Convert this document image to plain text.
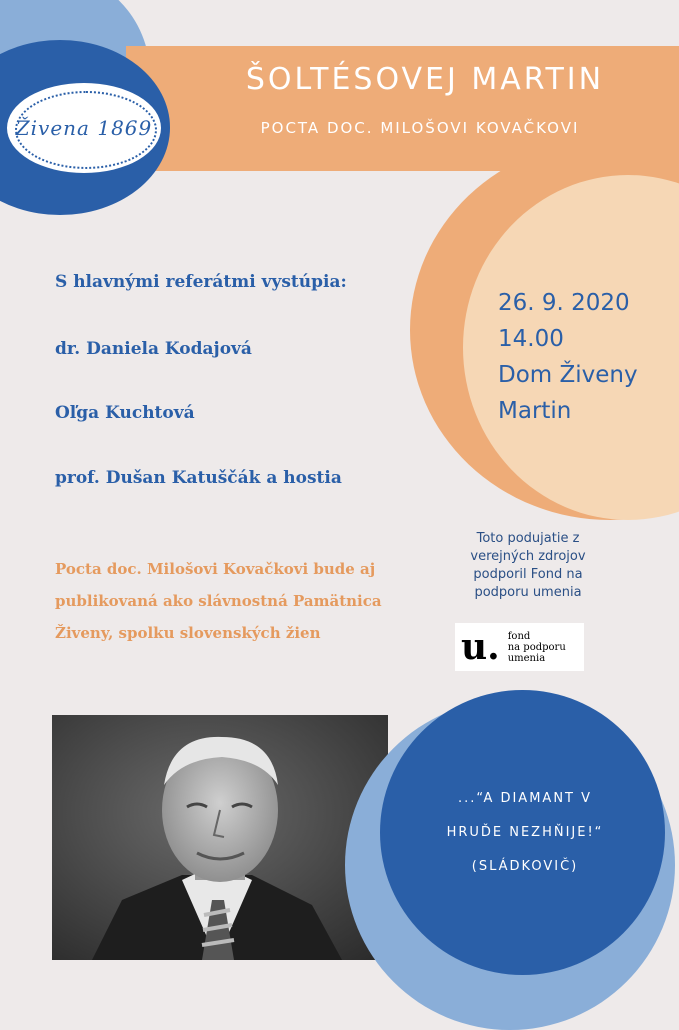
Živena 1869
ŠOLTÉSOVEJ MARTIN
POCTA DOC. MILOŠOVI KOVAČKOVI
26. 9. 2020
14.00
Dom Živeny
Martin
S hlavnými referátmi vystúpia:
dr. Daniela Kodajová
Oľga Kuchtová
prof. Dušan Katuščák a hostia
Pocta doc. Milošovi Kovačkovi bude aj
publikovaná ako slávnostná Pamätnica
Živeny, spolku slovenských žien
Toto podujatie z
verejných zdrojov
podporil Fond na
podporu umenia
u. fond
na podporu
umenia
...“A DIAMANT V
HRUĎE NEZHŇIJE!“
(SLÁDKOVIČ)
